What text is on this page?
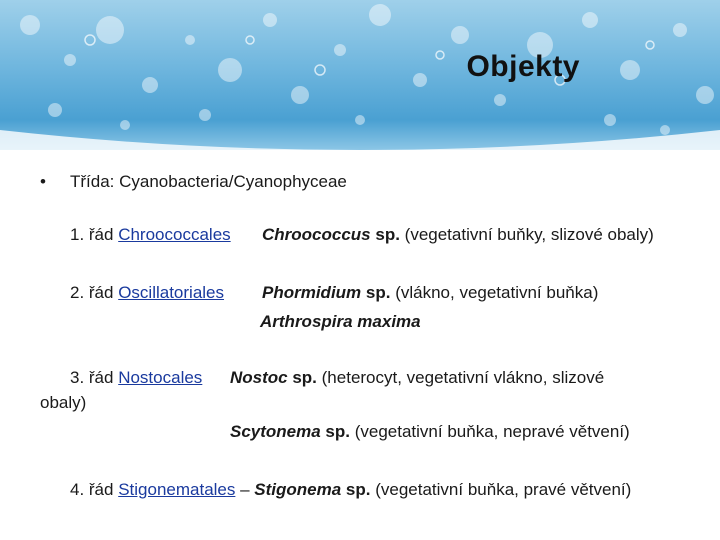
Objekty
• Třída: Cyanobacteria/Cyanophyceae
1. řád Chroococcales Chroococcus sp. (vegetativní buňky, slizové obaly)
2. řád Oscillatoriales Phormidium sp. (vlákno, vegetativní buňka)
Arthrospira maxima
3. řád Nostocales Nostoc sp. (heterocyt, vegetativní vlákno, slizové
obaly)
Scytonema sp. (vegetativní buňka, nepravé větvení)
4. řád Stigonematales – Stigonema sp. (vegetativní buňka, pravé větvení)
